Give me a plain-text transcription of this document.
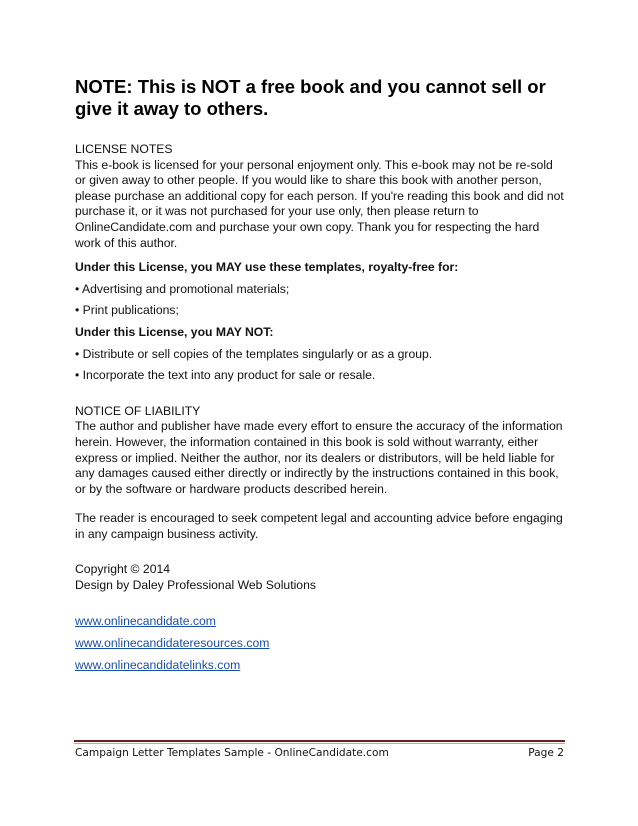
NOTE: This is NOT a free book and you cannot sell or give it away to others.

LICENSE NOTES

This e-book is licensed for your personal enjoyment only. This e-book may not be re-sold or given away to other people. If you would like to share this book with another person, please purchase an additional copy for each person. If you're reading this book and did not purchase it, or it was not purchased for your use only, then please return to OnlineCandidate.com and purchase your own copy. Thank you for respecting the hard work of this author.

Under this License, you MAY use these templates, royalty-free for:

• Advertising and promotional materials;

• Print publications;

Under this License, you MAY NOT:

• Distribute or sell copies of the templates singularly or as a group.

• Incorporate the text into any product for sale or resale.

NOTICE OF LIABILITY

The author and publisher have made every effort to ensure the accuracy of the information herein. However, the information contained in this book is sold without warranty, either express or implied. Neither the author, nor its dealers or distributors, will be held liable for any damages caused either directly or indirectly by the instructions contained in this book, or by the software or hardware products described herein.

The reader is encouraged to seek competent legal and accounting advice before engaging in any campaign business activity.

Copyright © 2014

Design by Daley Professional Web Solutions

www.onlinecandidate.com
www.onlinecandidateresources.com
www.onlinecandidatelinks.com
Campaign Letter Templates Sample - OnlineCandidate.com	Page 2
